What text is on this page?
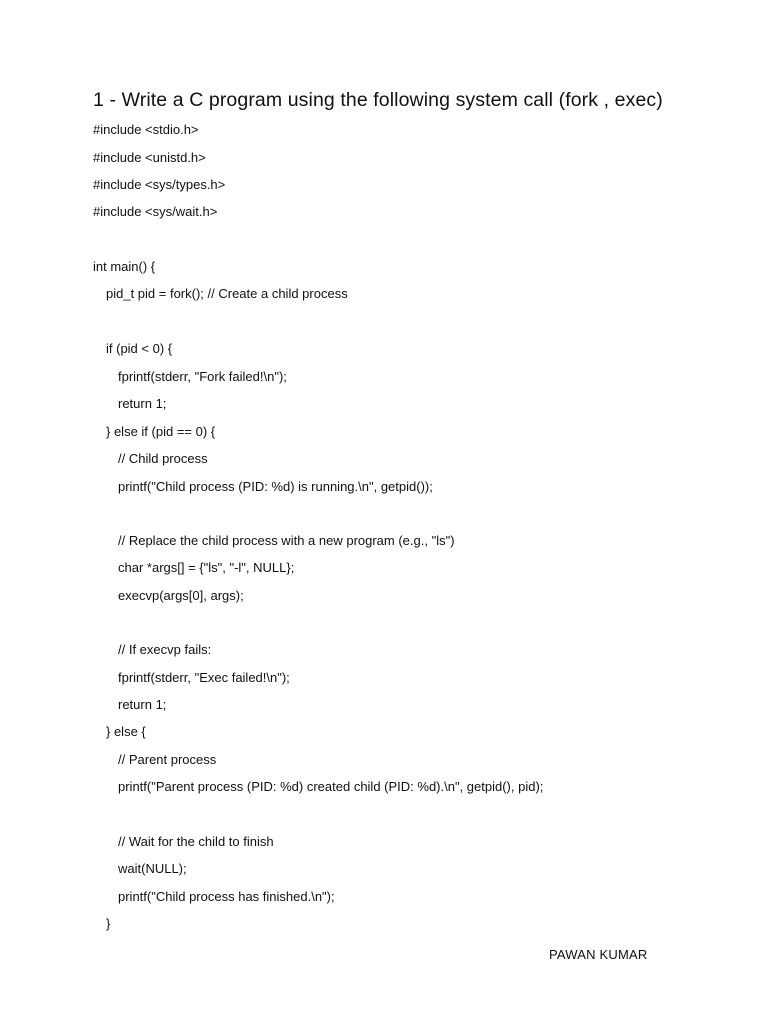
1 - Write a C program using the following system call (fork , exec)
#include <stdio.h>
#include <unistd.h>
#include <sys/types.h>
#include <sys/wait.h>
int main() {
pid_t pid = fork(); // Create a child process
if (pid < 0) {
fprintf(stderr, "Fork failed!\n");
return 1;
} else if (pid == 0) {
// Child process
printf("Child process (PID: %d) is running.\n", getpid());
// Replace the child process with a new program (e.g., "ls")
char *args[] = {"ls", "-l", NULL};
execvp(args[0], args);
// If execvp fails:
fprintf(stderr, "Exec failed!\n");
return 1;
} else {
// Parent process
printf("Parent process (PID: %d) created child (PID: %d).\n", getpid(), pid);
// Wait for the child to finish
wait(NULL);
printf("Child process has finished.\n");
}
PAWAN KUMAR
